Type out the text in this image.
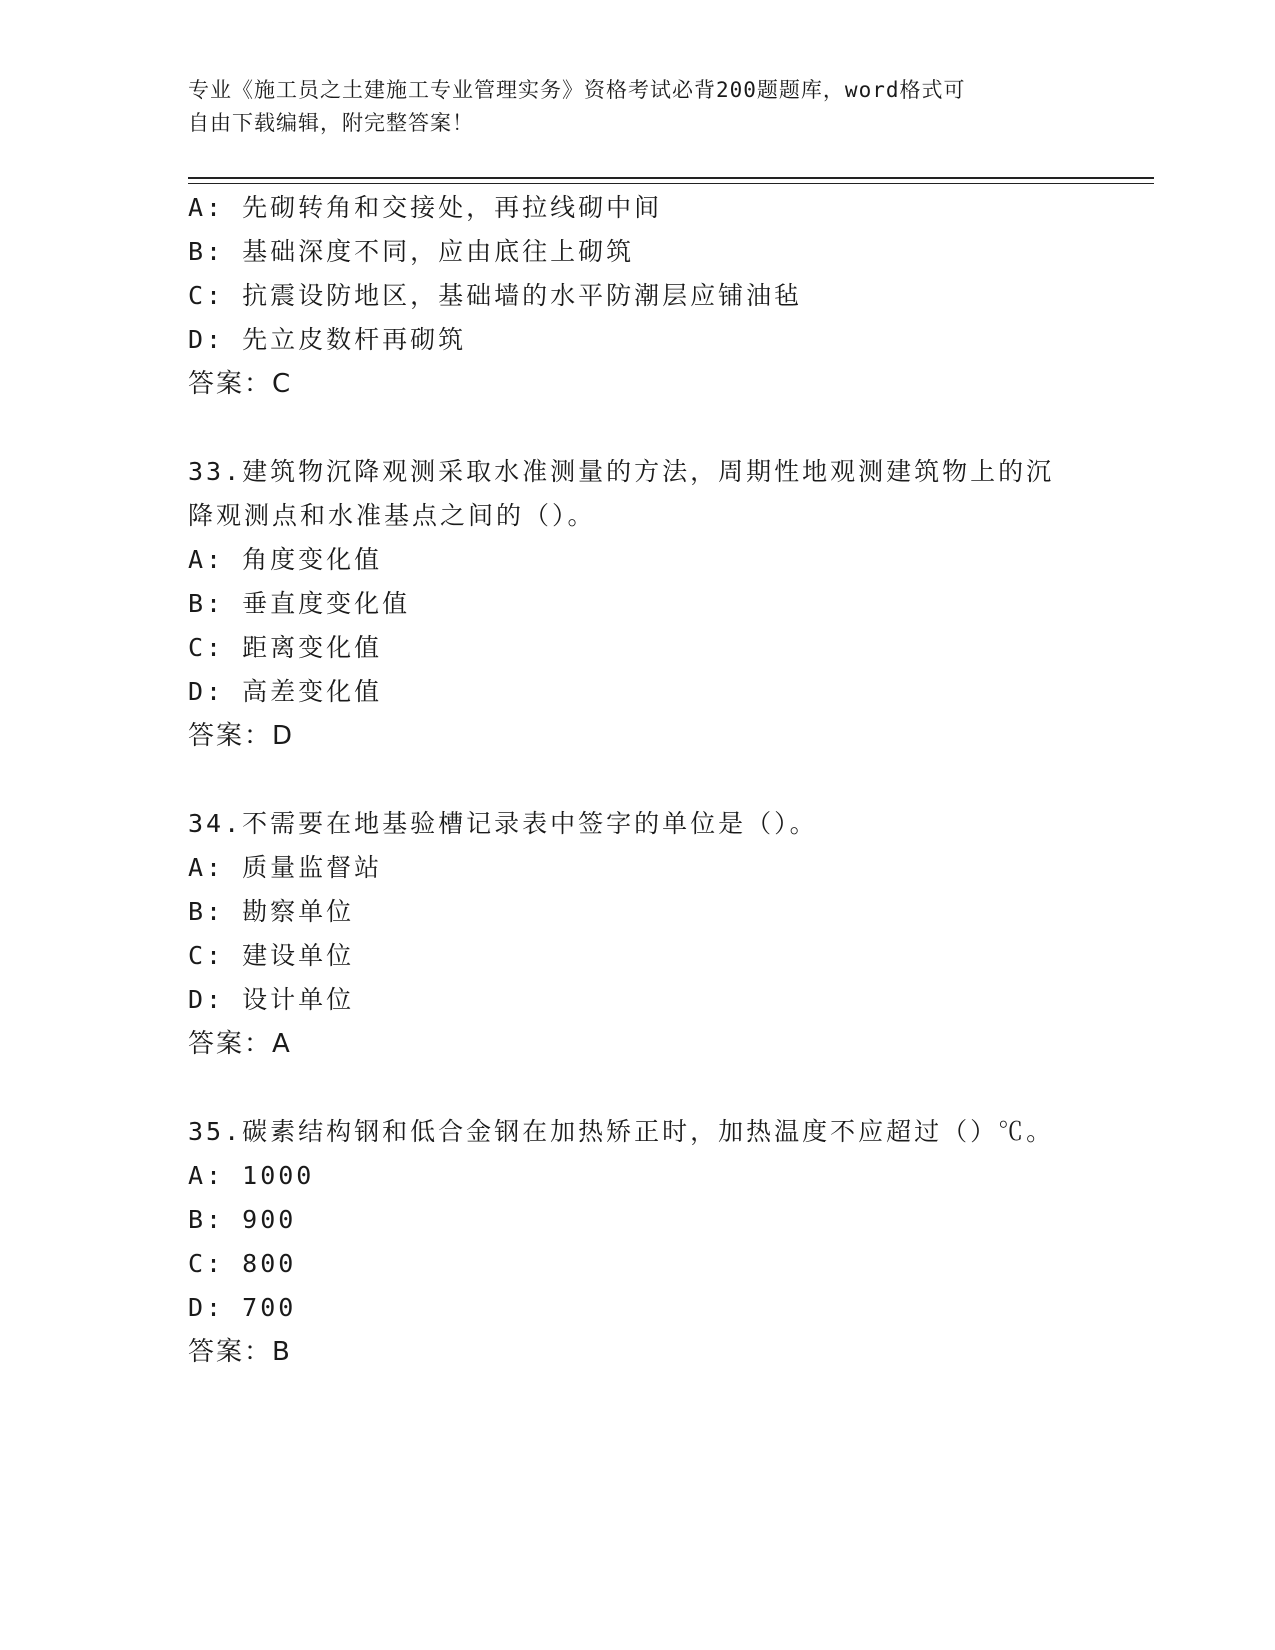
专业《施工员之土建施工专业管理实务》资格考试必背200题题库，word格式可
自由下载编辑，附完整答案！
A: 先砌转角和交接处，再拉线砌中间
B: 基础深度不同，应由底往上砌筑
C: 抗震设防地区，基础墙的水平防潮层应铺油毡
D: 先立皮数杆再砌筑
答案：C
33.建筑物沉降观测采取水准测量的方法，周期性地观测建筑物上的沉
降观测点和水准基点之间的（）。
A: 角度变化值
B: 垂直度变化值
C: 距离变化值
D: 高差变化值
答案：D
34.不需要在地基验槽记录表中签字的单位是（）。
A: 质量监督站
B: 勘察单位
C: 建设单位
D: 设计单位
答案：A
35.碳素结构钢和低合金钢在加热矫正时，加热温度不应超过（）℃。
A: 1000
B: 900
C: 800
D: 700
答案：B
